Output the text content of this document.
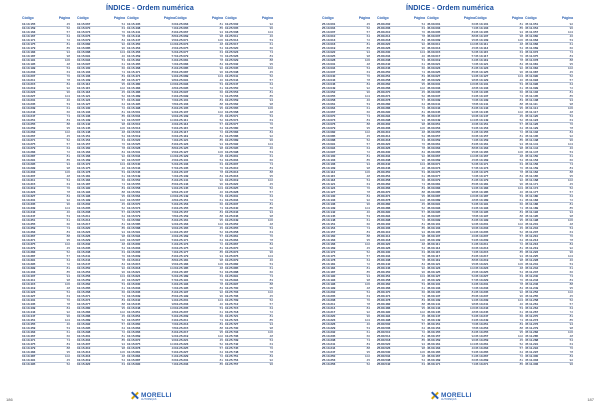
ÍNDICE - Ordem numérica
Código	Página
10.10.155	45
10.10.159	52
10.10.163	57
10.10.167	64
10.10.171	72
10.10.175	81
10.10.179	85
10.10.183	94
10.10.187	98
10.10.191	106
10.10.195	48
10.10.199	54
10.10.203	63
10.10.207	70
10.10.211	78
10.10.215	84
10.10.219	92
10.10.223	96
10.10.227	104
10.10.231	46
10.10.235	53
10.10.239	61
10.10.243	66
10.10.247	74
10.10.251	83
10.10.255	88
10.10.259	95
10.10.263	102
10.10.267	45
10.10.271	52
10.10.275	57
10.10.279	64
10.10.283	72
10.10.287	81
10.10.291	85
10.10.295	94
10.10.299	98
10.10.303	106
10.10.307	48
10.10.311	54
10.10.315	63
10.10.319	70
10.10.323	78
10.10.327	84
10.10.331	92
10.10.335	96
10.10.339	104
10.10.343	46
10.10.347	53
10.10.351	61
10.10.355	66
10.10.359	74
10.10.363	83
10.10.367	88
10.10.371	95
10.10.375	102
10.10.379	45
10.10.383	52
10.10.387	57
10.10.391	64
10.10.395	72
10.10.399	81
10.10.403	85
10.10.407	94
10.10.411	98
10.10.415	106
10.10.419	48
10.10.423	54
10.10.427	63
10.10.431	70
10.10.435	78
10.10.439	84
10.10.443	92
10.10.447	96
10.10.451	104
10.10.455	46
10.10.459	53
10.10.463	61
10.10.467	66
10.10.471	74
10.10.475	83
10.10.479	88
10.10.483	95
10.10.487	102
10.10.491	45
10.10.495	52
Código	Página
10.15.067	54
10.15.070	63
10.15.073	70
10.15.076	78
10.15.079	84
10.15.082	92
10.15.085	96
10.15.088	104
10.15.091	46
10.15.094	53
10.15.097	61
10.15.100	66
10.15.103	74
10.15.106	83
10.15.109	88
10.15.112	95
10.15.115	102
10.15.118	45
10.15.121	52
10.15.124	57
10.15.127	64
10.15.130	72
10.15.133	81
10.15.136	85
10.15.139	94
10.15.142	98
10.15.145	106
10.15.148	48
10.15.151	54
10.15.154	63
10.15.157	70
10.15.160	78
10.15.163	84
10.15.166	92
10.15.169	96
10.15.172	104
10.15.175	46
10.15.178	53
10.15.181	61
10.15.184	66
10.15.187	74
10.15.190	83
10.15.193	88
10.15.196	95
10.15.199	102
10.15.202	45
10.15.205	52
10.15.208	57
10.15.211	64
10.15.214	72
10.15.217	81
10.15.220	85
10.15.223	94
10.15.226	98
10.15.229	106
10.15.232	48
10.15.235	54
10.15.238	63
10.15.241	70
10.15.244	78
10.15.247	84
10.15.250	92
10.15.253	96
10.15.256	104
10.15.259	46
10.15.262	53
10.15.265	61
10.15.268	66
10.15.271	74
10.15.274	83
10.15.277	88
10.15.280	95
10.15.283	102
10.15.286	45
10.15.289	52
10.15.292	57
10.15.295	64
10.15.298	72
10.15.301	81
10.15.304	85
10.15.307	94
10.15.310	98
10.15.313	106
10.15.316	48
10.15.319	54
10.15.322	63
Código	Página
10.15.435	66
10.15.438	74
10.15.441	83
10.15.444	88
10.15.447	95
10.15.450	102
10.15.453	45
10.15.456	52
10.15.459	57
10.15.462	64
10.15.465	72
10.15.468	81
10.15.471	85
10.15.474	94
10.15.477	98
10.15.480	106
10.15.483	48
10.15.486	54
10.15.489	63
10.15.492	70
10.15.495	78
10.15.498	84
10.15.501	92
10.15.504	96
10.15.507	104
10.15.510	46
10.15.513	53
10.15.516	61
10.15.519	66
10.15.522	74
10.15.525	83
10.15.528	88
10.15.531	95
10.15.534	102
10.15.537	45
10.15.540	52
10.15.543	57
10.15.546	64
10.15.549	72
10.15.552	81
10.15.555	85
10.15.558	94
10.15.561	98
10.15.564	106
10.15.567	48
10.15.570	54
10.15.573	63
10.15.576	70
10.15.579	78
10.15.582	84
10.15.585	92
10.15.588	96
10.15.591	104
10.15.594	46
10.15.597	53
10.15.600	61
10.15.603	66
10.15.606	74
10.15.609	83
10.15.612	88
10.15.615	95
10.15.618	102
10.15.621	45
10.15.624	52
10.15.627	57
10.15.630	64
10.15.633	72
10.15.636	81
10.15.639	85
10.15.642	94
10.15.645	98
10.15.648	106
10.15.651	48
10.15.654	54
10.15.657	63
10.15.660	70
10.15.663	78
10.15.666	84
10.15.669	92
10.15.672	96
10.15.675	104
10.15.678	46
10.15.681	53
10.15.684	61
10.15.687	66
10.15.690	74
Código	Página
10.25.063	81
10.25.065	85
10.25.067	94
10.25.069	98
10.25.071	106
10.25.073	48
10.25.075	54
10.25.077	63
10.25.079	70
10.25.081	78
10.25.083	84
10.25.085	92
10.25.087	96
10.25.089	104
10.25.091	46
10.25.093	53
10.25.095	61
10.25.097	66
10.25.099	74
10.25.101	83
10.25.103	88
10.25.105	95
10.25.107	102
10.25.109	45
10.25.111	52
10.25.113	57
10.25.115	64
10.25.117	72
10.25.119	81
10.25.121	85
10.25.123	94
10.25.125	98
10.25.127	106
10.25.129	48
10.25.131	54
10.25.133	63
10.25.135	70
10.25.137	78
10.25.139	84
10.25.141	92
10.25.143	96
10.25.145	104
10.25.147	46
10.25.149	53
10.25.151	61
10.25.153	66
10.25.155	74
10.25.157	83
10.25.159	88
10.25.161	95
10.25.163	102
10.25.165	45
10.25.167	52
10.25.169	57
10.25.171	64
10.25.173	72
10.25.175	81
10.25.177	85
10.25.179	94
10.25.181	98
10.25.183	106
10.25.185	48
10.25.187	54
10.25.189	63
10.25.191	70
10.25.193	78
10.25.195	84
10.25.197	92
10.25.199	96
10.25.201	104
10.25.203	46
10.25.205	53
10.25.207	61
10.25.209	66
10.25.211	74
10.25.213	83
10.25.215	88
10.25.217	95
10.25.219	102
10.25.221	45
10.25.223	52
10.25.225	57
10.25.227	64
10.25.229	72
10.25.231	81
10.25.233	85
Código	Página
10.25.502	92
10.25.505	96
10.25.508	104
10.25.511	46
10.25.514	53
10.25.517	61
10.25.520	66
10.25.523	74
10.25.526	83
10.25.529	88
10.25.532	95
10.25.535	102
10.25.538	45
10.25.541	52
10.25.544	57
10.25.547	64
10.25.550	72
10.25.553	81
10.25.556	85
10.25.559	94
10.25.562	98
10.25.565	106
10.25.568	48
10.25.571	54
10.25.574	63
10.25.577	70
10.25.580	78
10.25.583	84
10.25.586	92
10.25.589	96
10.25.592	104
10.25.595	46
10.25.598	53
10.25.601	61
10.25.604	66
10.25.607	74
10.25.610	83
10.25.613	88
10.25.616	95
10.25.619	102
10.25.622	45
10.25.625	52
10.25.628	57
10.25.631	64
10.25.634	72
10.25.637	81
10.25.640	85
10.25.643	94
10.25.646	98
10.25.649	106
10.25.652	48
10.25.655	54
10.25.658	63
10.25.661	70
10.25.664	78
10.25.667	84
10.25.670	92
10.25.673	96
10.25.676	104
10.25.679	46
10.25.682	53
10.25.685	61
10.25.688	66
10.25.691	74
10.25.694	83
10.25.697	88
10.25.700	95
10.25.703	102
10.25.706	45
10.25.709	52
10.25.712	57
10.25.715	64
10.25.718	72
10.25.721	81
10.25.724	85
10.25.727	94
10.25.730	98
10.25.733	106
10.25.736	48
10.25.739	54
10.25.742	63
10.25.745	70
10.25.748	78
10.25.751	84
10.25.754	92
10.25.757	96
MORELLI
AUTOPEÇAS
186
ÍNDICE - Ordem numérica
Código	Página
25.10.001	45
25.10.004	52
25.10.007	57
25.10.010	64
25.10.013	72
25.10.016	81
25.10.019	85
25.10.022	94
25.10.025	98
25.10.028	106
25.10.031	48
25.10.034	54
25.10.037	63
25.10.040	70
25.10.043	78
25.10.046	84
25.10.049	92
25.10.052	96
25.10.055	104
25.10.058	46
25.10.061	53
25.10.064	61
25.10.067	66
25.10.070	74
25.10.073	83
25.10.076	88
25.10.079	95
25.10.082	102
25.10.085	45
25.10.088	52
25.10.091	57
25.10.094	64
25.10.097	72
25.10.100	81
25.10.103	85
25.10.106	94
25.10.109	98
25.10.112	106
25.10.115	48
25.10.118	54
25.10.121	63
25.10.124	70
25.10.127	78
25.10.130	84
25.10.133	92
25.10.136	96
25.10.139	104
25.10.142	46
25.10.145	53
25.10.148	61
25.10.151	66
25.10.154	74
25.10.157	83
25.10.160	88
25.10.163	95
25.10.166	102
25.10.169	45
25.10.172	52
25.10.175	57
25.10.178	64
25.10.181	72
25.10.184	81
25.10.187	85
25.10.190	94
25.10.193	98
25.10.196	106
25.10.199	48
25.10.202	54
25.10.205	63
25.10.208	70
25.10.211	78
25.10.214	84
25.10.217	92
25.10.220	96
25.10.223	104
25.10.226	46
25.10.229	53
25.10.232	61
25.10.235	66
25.10.238	74
25.10.241	83
25.10.244	88
25.10.247	95
25.10.250	102
25.10.253	45
25.10.256	52
Código	Página
25.80.202	54
25.80.206	63
25.80.210	70
25.80.214	78
25.80.218	84
25.80.222	92
25.80.226	96
25.80.230	104
25.80.234	46
25.80.238	53
25.80.242	61
25.80.246	66
25.80.250	74
25.80.254	83
25.80.258	88
25.80.262	95
25.80.266	102
25.80.270	45
25.80.274	52
25.80.278	57
25.80.282	64
25.80.286	72
25.80.290	81
25.80.294	85
25.80.298	94
25.80.302	98
25.80.306	106
25.80.310	48
25.80.314	54
25.80.318	63
25.80.322	70
25.80.326	78
25.80.330	84
25.80.334	92
25.80.338	96
25.80.342	104
25.80.346	46
25.80.350	53
25.80.354	61
25.80.358	66
25.80.362	74
25.80.366	83
25.80.370	88
25.80.374	95
25.80.378	102
25.80.382	45
25.80.386	52
25.80.390	57
25.80.394	64
25.80.398	72
25.80.402	81
25.80.406	85
25.80.410	94
25.80.414	98
25.80.418	106
25.80.422	48
25.80.426	54
25.80.430	63
25.80.434	70
25.80.438	78
25.80.442	84
25.80.446	92
25.80.450	96
25.80.454	104
25.80.458	46
25.80.462	53
25.80.466	61
25.80.470	66
25.80.474	74
25.80.478	83
25.80.482	88
25.80.486	95
25.80.490	102
25.80.494	45
25.80.498	52
25.80.502	57
25.80.506	64
25.80.510	72
25.80.514	81
25.80.518	85
25.80.522	94
25.80.526	98
25.80.530	106
25.80.534	48
25.80.538	54
25.80.542	63
Código	Página
45.00.001	66
45.00.003	74
45.00.005	83
45.00.007	88
45.00.009	95
45.00.011	102
45.00.013	45
45.00.015	52
45.00.017	57
45.00.019	64
45.00.021	72
45.00.023	81
45.00.025	85
45.00.027	94
45.00.029	98
45.00.031	106
45.00.033	48
45.00.035	54
45.00.037	63
45.00.039	70
45.00.041	78
45.00.043	84
45.00.045	92
45.00.047	96
45.00.049	104
45.00.051	46
45.00.053	53
45.00.055	61
45.00.057	66
45.00.059	74
45.00.061	83
45.00.063	88
45.00.065	95
45.00.067	102
45.00.069	45
45.00.071	52
45.00.073	57
45.00.075	64
45.00.077	72
45.00.079	81
45.00.081	85
45.00.083	94
45.00.085	98
45.00.087	106
45.00.089	48
45.00.091	54
45.00.093	63
45.00.095	70
45.00.097	78
45.00.099	84
45.00.101	92
45.00.103	96
45.00.105	104
45.00.107	46
45.00.109	53
45.00.111	61
45.00.113	66
45.00.115	74
45.00.117	83
45.00.119	88
45.00.121	95
45.00.123	102
45.00.125	45
45.00.127	52
45.00.129	57
45.00.131	64
45.00.133	72
45.00.135	81
45.00.137	85
45.00.139	94
45.00.141	98
45.00.143	106
45.00.145	48
45.00.147	54
45.00.149	63
45.00.151	70
45.00.153	78
45.00.155	84
45.00.157	92
45.00.159	96
45.00.161	104
45.00.163	46
45.00.165	53
45.00.167	61
45.00.169	66
45.00.171	74
Código	Página
47.10.101	81
47.10.103	85
47.10.105	94
47.10.107	98
47.10.109	106
47.10.111	48
47.10.113	54
47.10.115	63
47.10.117	70
47.10.119	78
47.10.121	84
47.10.123	92
47.10.125	96
47.10.127	104
47.10.129	46
47.10.131	53
47.10.133	61
47.10.135	66
47.10.137	74
47.10.139	83
47.10.141	88
47.10.143	95
47.10.145	102
47.10.147	45
47.10.149	52
47.10.151	57
47.10.153	64
47.10.155	72
47.10.157	81
47.10.159	85
47.10.161	94
47.10.163	98
47.10.165	106
47.10.167	48
47.10.169	54
47.10.171	63
47.10.173	70
47.10.175	78
47.10.177	84
47.10.179	92
47.10.181	96
47.10.183	104
47.10.185	46
47.10.187	53
47.10.189	61
47.10.191	66
47.10.193	74
47.10.195	83
47.10.197	88
47.10.199	95
47.10.201	102
47.10.203	45
47.10.205	52
47.10.207	57
47.10.209	64
47.10.211	72
47.10.213	81
47.10.215	85
47.10.217	94
47.10.219	98
47.10.221	106
47.10.223	48
47.10.225	54
47.10.227	63
47.10.229	70
47.10.231	78
47.10.233	84
47.10.235	92
47.10.237	96
47.10.239	104
47.10.241	46
47.10.243	53
47.10.245	61
47.10.247	66
47.10.249	74
47.10.251	83
47.10.253	88
47.10.255	95
47.10.257	102
47.10.259	45
47.10.261	52
47.10.263	57
47.10.265	64
47.10.267	72
47.10.269	81
47.10.271	85
Código	Página
47.11.051	92
47.11.054	96
47.11.057	104
47.11.060	46
47.11.063	53
47.11.066	61
47.11.069	66
47.11.072	74
47.11.075	83
47.11.078	88
47.11.081	95
47.11.084	102
47.11.087	45
47.11.090	52
47.11.093	57
47.11.096	64
47.11.099	72
47.11.102	81
47.11.105	85
47.11.108	94
47.11.111	98
47.11.114	106
47.11.117	48
47.11.120	54
47.11.123	63
47.11.126	70
47.11.129	78
47.11.132	84
47.11.135	92
47.11.138	96
47.11.141	104
47.11.144	46
47.11.147	53
47.11.150	61
47.11.153	66
47.11.156	74
47.11.159	83
47.11.162	88
47.11.165	95
47.11.168	102
47.11.171	45
47.11.174	52
47.11.177	57
47.11.180	64
47.11.183	72
47.11.186	81
47.11.189	85
47.11.192	94
47.11.195	98
47.11.198	106
47.11.201	48
47.11.204	54
47.11.207	63
47.11.210	70
47.11.213	78
47.11.216	84
47.11.219	92
47.11.222	96
47.11.225	104
47.11.228	46
47.11.231	53
47.11.234	61
47.11.237	66
47.11.240	74
47.11.243	83
47.11.246	88
47.11.249	95
47.11.252	102
47.11.255	45
47.11.258	52
47.11.261	57
47.11.264	64
47.11.267	72
47.11.270	81
47.11.273	85
47.11.276	94
47.11.279	98
47.11.282	106
47.11.285	48
47.11.288	54
47.11.291	63
47.11.294	70
47.11.297	78
47.11.300	84
47.11.303	92
47.11.306	96
MORELLI
AUTOPEÇAS	187
